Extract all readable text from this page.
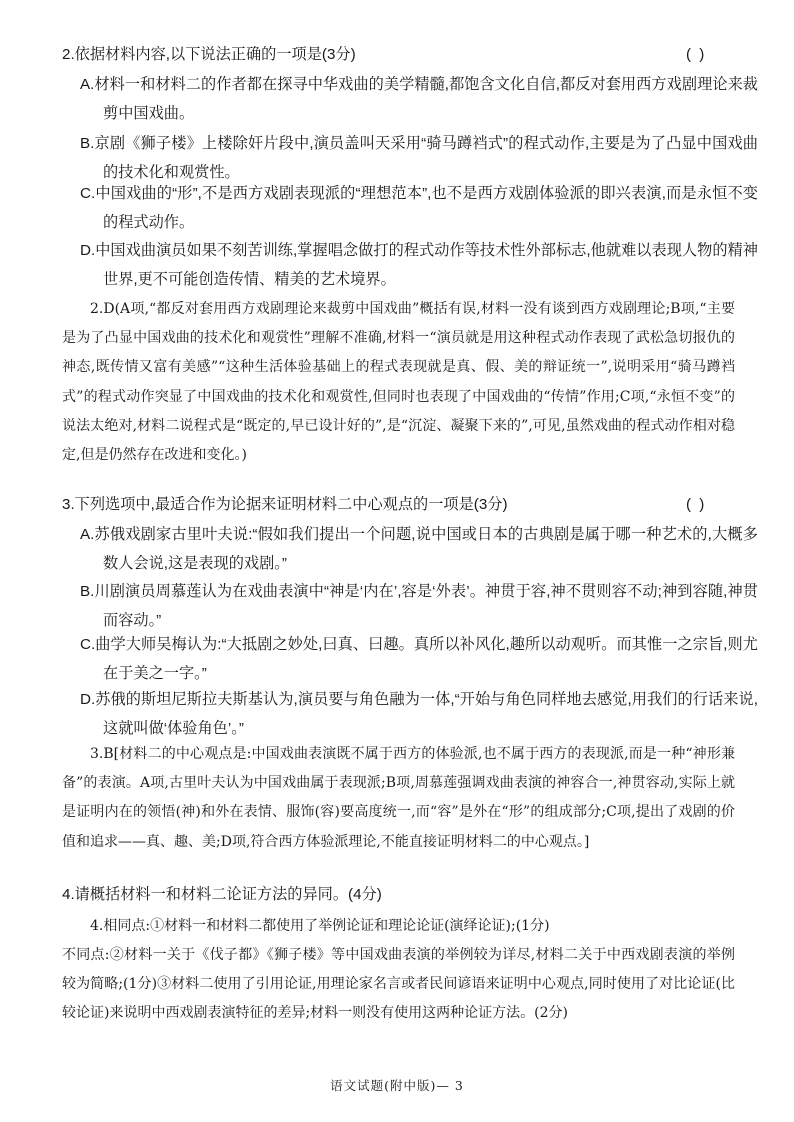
2.依据材料内容,以下说法正确的一项是(3分)	( )
A.材料一和材料二的作者都在探寻中华戏曲的美学精髓,都饱含文化自信,都反对套用西方戏剧理论来裁剪中国戏曲。
B.京剧《狮子楼》上楼除奸片段中,演员盖叫天采用“骑马蹲裆式”的程式动作,主要是为了凸显中国戏曲的技术化和观赏性。
C.中国戏曲的“形”,不是西方戏剧表现派的“理想范本”,也不是西方戏剧体验派的即兴表演,而是永恒不变的程式动作。
D.中国戏曲演员如果不刻苦训练,掌握唱念做打的程式动作等技术性外部标志,他就难以表现人物的精神世界,更不可能创造传情、精美的艺术境界。
2.D(A项,“都反对套用西方戏剧理论来裁剪中国戏曲”概括有误,材料一没有谈到西方戏剧理论;B项,“主要是为了凸显中国戏曲的技术化和观赏性”理解不准确,材料一“演员就是用这种程式动作表现了武松急切报仇的神态,既传情又富有美感”“这种生活体验基础上的程式表现就是真、假、美的辩证统一”,说明采用“骑马蹲裆式”的程式动作突显了中国戏曲的技术化和观赏性,但同时也表现了中国戏曲的“传情”作用;C项,“永恒不变”的说法太绝对,材料二说程式是“既定的,早已设计好的”,是“沉淀、凝聚下来的”,可见,虽然戏曲的程式动作相对稳定,但是仍然存在改进和变化。)
3.下列选项中,最适合作为论据来证明材料二中心观点的一项是(3分)	( )
A.苏俄戏剧家古里叶夫说:“假如我们提出一个问题,说中国或日本的古典剧是属于哪一种艺术的,大概多数人会说,这是表现的戏剧。”
B.川剧演员周慕莲认为在戏曲表演中“神是‘内在’,容是‘外表’。神贯于容,神不贯则容不动;神到容随,神贯而容动。”
C.曲学大师吴梅认为:“大抵剧之妙处,曰真、曰趣。真所以补风化,趣所以动观听。而其惟一之宗旨,则尤在于美之一字。”
D.苏俄的斯坦尼斯拉夫斯基认为,演员要与角色融为一体,“开始与角色同样地去感觉,用我们的行话来说,这就叫做‘体验角色’。”
3.B[材料二的中心观点是:中国戏曲表演既不属于西方的体验派,也不属于西方的表现派,而是一种“神形兼备”的表演。A项,古里叶夫认为中国戏曲属于表现派;B项,周慕莲强调戏曲表演的神容合一,神贯容动,实际上就是证明内在的领悟(神)和外在表情、服饰(容)要高度统一,而“容”是外在“形”的组成部分;C项,提出了戏剧的价值和追求——真、趣、美;D项,符合西方体验派理论,不能直接证明材料二的中心观点。]
4.请概括材料一和材料二论证方法的异同。(4分)
4.相同点:①材料一和材料二都使用了举例论证和理论论证(演绎论证);(1分)
不同点:②材料一关于《伐子都》《狮子楼》等中国戏曲表演的举例较为详尽,材料二关于中西戏剧表演的举例较为简略;(1分)③材料二使用了引用论证,用理论家名言或者民间谚语来证明中心观点,同时使用了对比论证(比较论证)来说明中西戏剧表演特征的差异;材料一则没有使用这两种论证方法。(2分)
语文试题(附中版)— 3
